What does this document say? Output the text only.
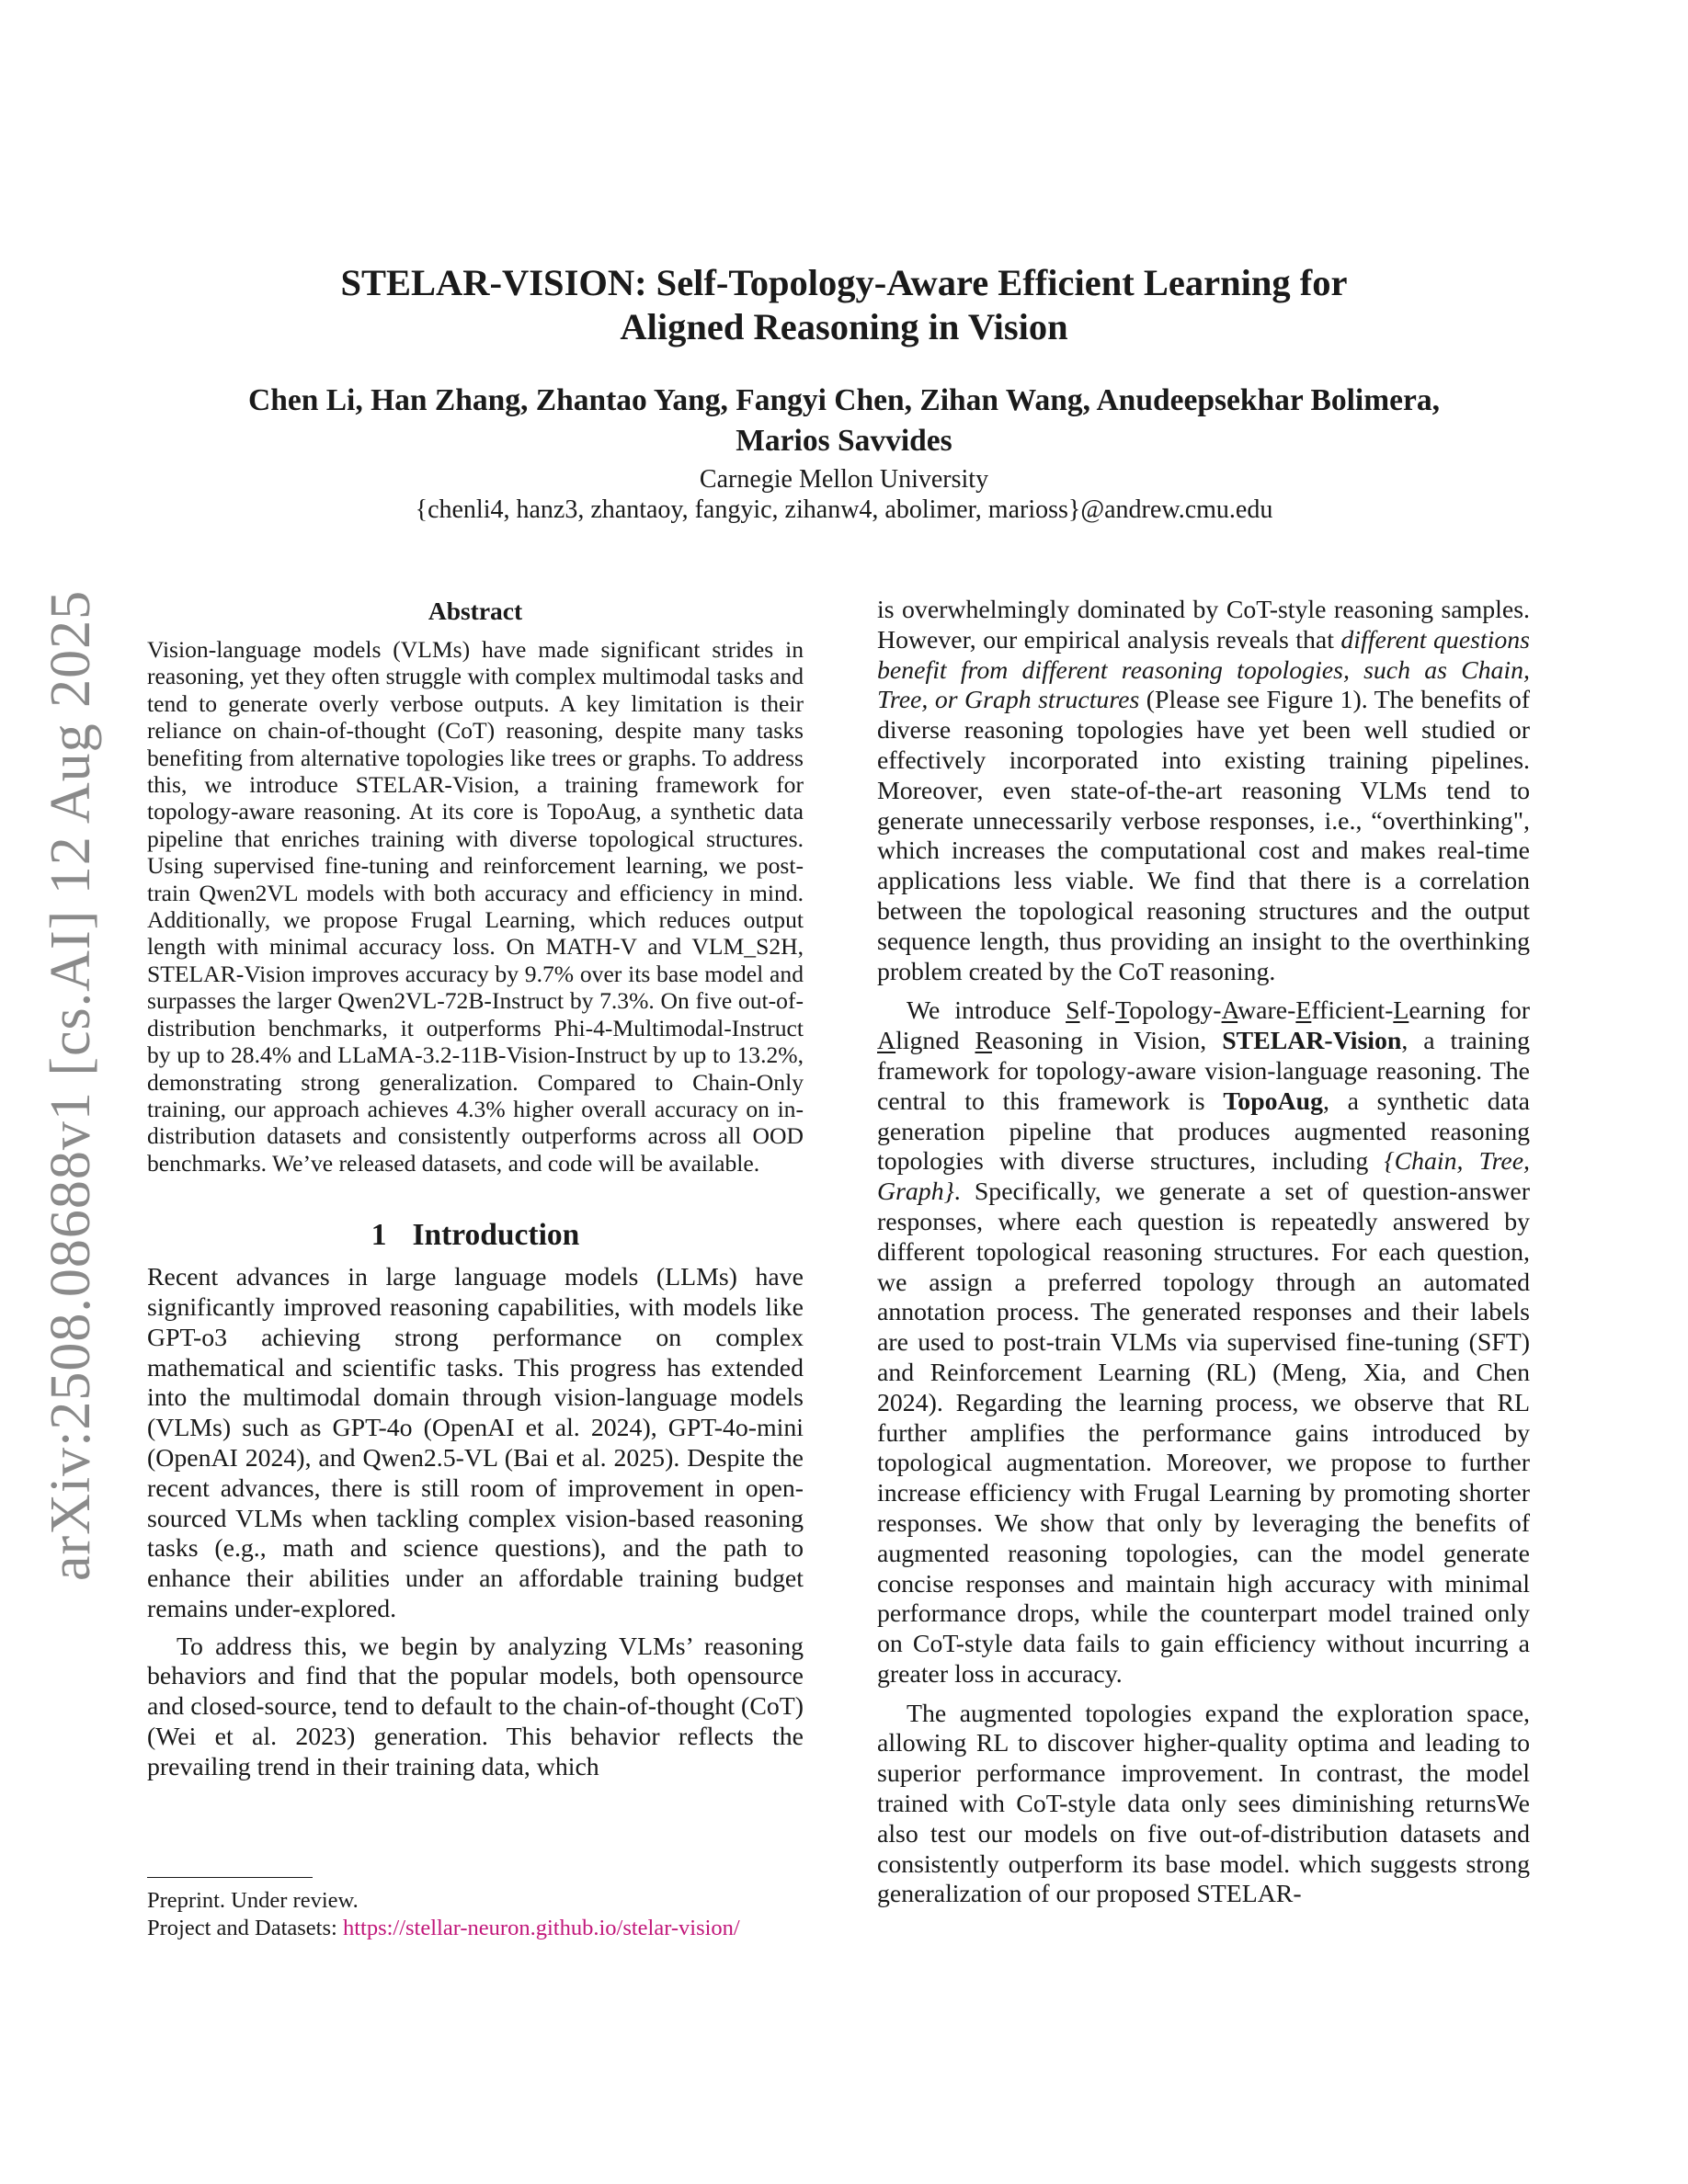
arXiv:2508.08688v1 [cs.AI] 12 Aug 2025
STELAR-VISION: Self-Topology-Aware Efficient Learning for
Aligned Reasoning in Vision
Chen Li, Han Zhang, Zhantao Yang, Fangyi Chen, Zihan Wang, Anudeepsekhar Bolimera,
Marios Savvides
Carnegie Mellon University
{chenli4, hanz3, zhantaoy, fangyic, zihanw4, abolimer, marioss}@andrew.cmu.edu
Abstract

Vision-language models (VLMs) have made significant strides in reasoning, yet they often struggle with complex multimodal tasks and tend to generate overly verbose outputs. A key limitation is their reliance on chain-of-thought (CoT) reasoning, despite many tasks benefiting from alternative topologies like trees or graphs. To address this, we introduce STELAR-Vision, a training framework for topology-aware reasoning. At its core is TopoAug, a synthetic data pipeline that enriches training with diverse topological structures. Using supervised fine-tuning and reinforcement learning, we post-train Qwen2VL models with both accuracy and efficiency in mind. Additionally, we propose Frugal Learning, which reduces output length with minimal accuracy loss. On MATH-V and VLM_S2H, STELAR-Vision improves accuracy by 9.7% over its base model and surpasses the larger Qwen2VL-72B-Instruct by 7.3%. On five out-of-distribution benchmarks, it outperforms Phi-4-Multimodal-Instruct by up to 28.4% and LLaMA-3.2-11B-Vision-Instruct by up to 13.2%, demonstrating strong generalization. Compared to Chain-Only training, our approach achieves 4.3% higher overall accuracy on in-distribution datasets and consistently outperforms across all OOD benchmarks. We’ve released datasets, and code will be available.

1 Introduction

Recent advances in large language models (LLMs) have significantly improved reasoning capabilities, with models like GPT-o3 achieving strong performance on complex mathematical and scientific tasks. This progress has extended into the multimodal domain through vision-language models (VLMs) such as GPT-4o (OpenAI et al. 2024), GPT-4o-mini (OpenAI 2024), and Qwen2.5-VL (Bai et al. 2025). Despite the recent advances, there is still room of improvement in open-sourced VLMs when tackling complex vision-based reasoning tasks (e.g., math and science questions), and the path to enhance their abilities under an affordable training budget remains under-explored.

To address this, we begin by analyzing VLMs’ reasoning behaviors and find that the popular models, both opensource and closed-source, tend to default to the chain-of-thought (CoT) (Wei et al. 2023) generation. This behavior reflects the prevailing trend in their training data, which

Preprint. Under review.
Project and Datasets: https://stellar-neuron.github.io/stelar-vision/

is overwhelmingly dominated by CoT-style reasoning samples. However, our empirical analysis reveals that different questions benefit from different reasoning topologies, such as Chain, Tree, or Graph structures (Please see Figure 1). The benefits of diverse reasoning topologies have yet been well studied or effectively incorporated into existing training pipelines. Moreover, even state-of-the-art reasoning VLMs tend to generate unnecessarily verbose responses, i.e., “overthinking", which increases the computational cost and makes real-time applications less viable. We find that there is a correlation between the topological reasoning structures and the output sequence length, thus providing an insight to the overthinking problem created by the CoT reasoning.

We introduce Self-Topology-Aware-Efficient-Learning for Aligned Reasoning in Vision, STELAR-Vision, a training framework for topology-aware vision-language reasoning. The central to this framework is TopoAug, a synthetic data generation pipeline that produces augmented reasoning topologies with diverse structures, including {Chain, Tree, Graph}. Specifically, we generate a set of question-answer responses, where each question is repeatedly answered by different topological reasoning structures. For each question, we assign a preferred topology through an automated annotation process. The generated responses and their labels are used to post-train VLMs via supervised fine-tuning (SFT) and Reinforcement Learning (RL) (Meng, Xia, and Chen 2024). Regarding the learning process, we observe that RL further amplifies the performance gains introduced by topological augmentation. Moreover, we propose to further increase efficiency with Frugal Learning by promoting shorter responses. We show that only by leveraging the benefits of augmented reasoning topologies, can the model generate concise responses and maintain high accuracy with minimal performance drops, while the counterpart model trained only on CoT-style data fails to gain efficiency without incurring a greater loss in accuracy.

The augmented topologies expand the exploration space, allowing RL to discover higher-quality optima and leading to superior performance improvement. In contrast, the model trained with CoT-style data only sees diminishing returnsWe also test our models on five out-of-distribution datasets and consistently outperform its base model. which suggests strong generalization of our proposed STELAR-
